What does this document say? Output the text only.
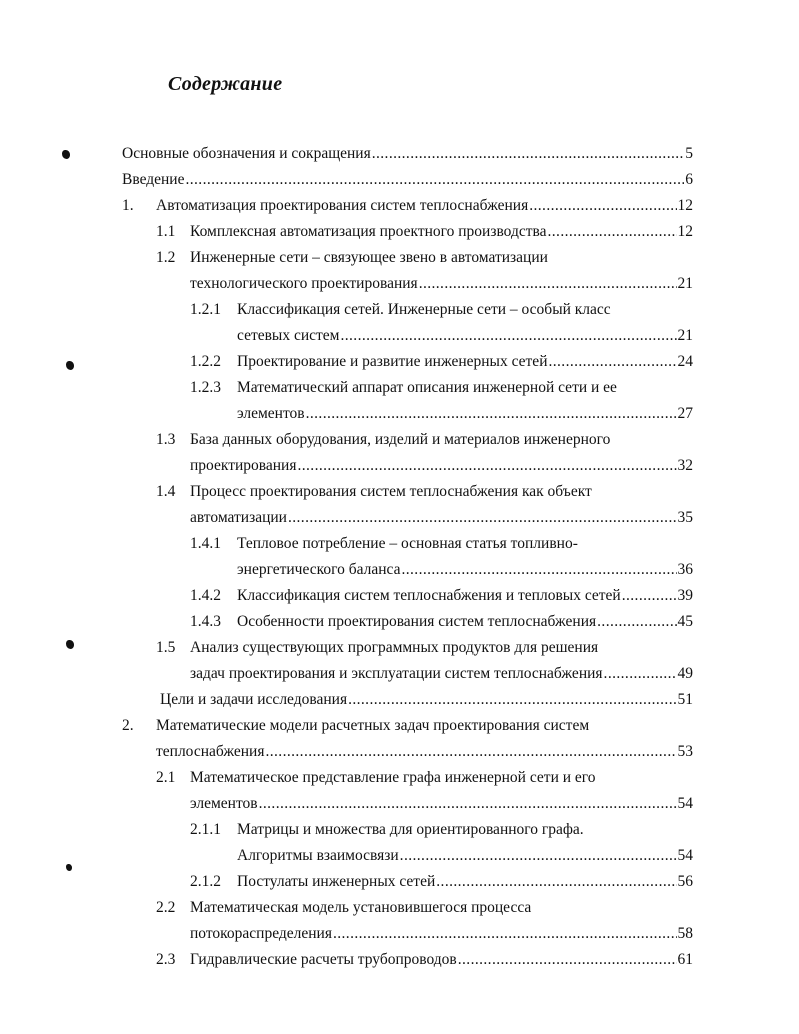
Содержание
Основные обозначения и сокращения .....	5
Введение .....	6
1. Автоматизация проектирования систем теплоснабжения .....	12
1.1 Комплексная автоматизация проектного производства .....	12
1.2 Инженерные сети – связующее звено в автоматизации
технологического проектирования .....	21
1.2.1 Классификация сетей. Инженерные сети – особый класс
сетевых систем .....	21
1.2.2 Проектирование и развитие инженерных сетей .....	24
1.2.3 Математический аппарат описания инженерной сети и ее
элементов .....	27
1.3 База данных оборудования, изделий и материалов инженерного
проектирования .....	32
1.4 Процесс проектирования систем теплоснабжения как объект
автоматизации .....	35
1.4.1 Тепловое потребление – основная статья топливно-
энергетического баланса .....	36
1.4.2 Классификация систем теплоснабжения и тепловых сетей .....	39
1.4.3 Особенности проектирования систем теплоснабжения .....	45
1.5 Анализ существующих программных продуктов для решения
задач проектирования и эксплуатации систем теплоснабжения .....	49
Цели и задачи исследования .....	51
2. Математические модели расчетных задач проектирования систем
теплоснабжения .....	53
2.1 Математическое представление графа инженерной сети и его
элементов .....	54
2.1.1 Матрицы и множества для ориентированного графа.
Алгоритмы взаимосвязи .....	54
2.1.2 Постулаты инженерных сетей .....	56
2.2 Математическая модель установившегося процесса
потокораспределения .....	58
2.3 Гидравлические расчеты трубопроводов .....	61
